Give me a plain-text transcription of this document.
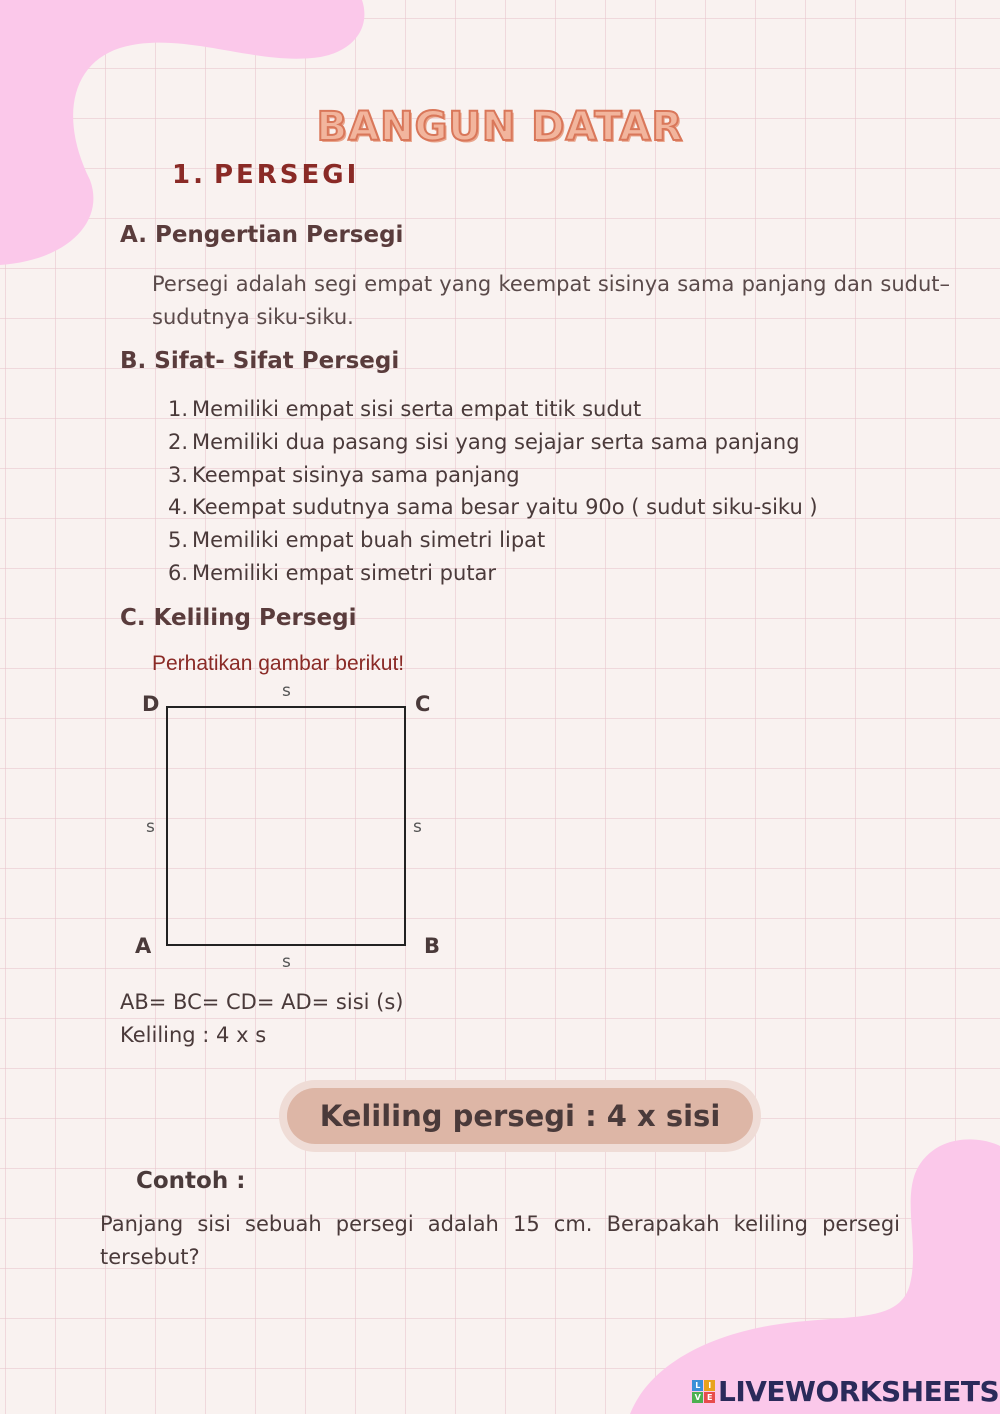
BANGUN DATAR
1. PERSEGI
A. Pengertian Persegi
Persegi adalah segi empat yang keempat sisinya sama panjang dan sudut–sudutnya siku-siku.
B. Sifat- Sifat Persegi
1. Memiliki empat sisi serta empat titik sudut
2. Memiliki dua pasang sisi yang sejajar serta sama panjang
3. Keempat sisinya sama panjang
4. Keempat sudutnya sama besar yaitu 90o ( sudut siku-siku )
5. Memiliki empat buah simetri lipat
6. Memiliki empat simetri putar
C. Keliling Persegi
Perhatikan gambar berikut!
D	C
A	B
s
s
s	s
AB= BC= CD= AD= sisi (s)
Keliling : 4 x s
Keliling persegi : 4 x sisi
Contoh :
Panjang sisi sebuah persegi adalah 15 cm. Berapakah keliling persegi tersebut?
L	I
V E LIVEWORKSHEETS
